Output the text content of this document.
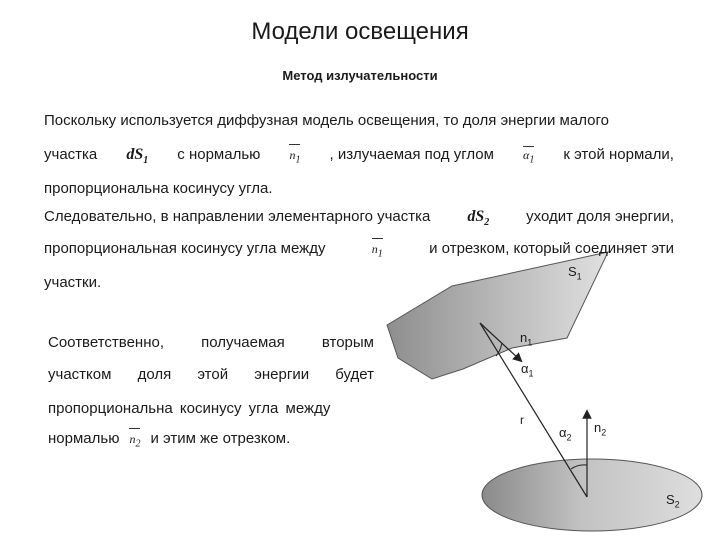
Модели освещения
Метод излучательности
Поскольку используется диффузная модель освещения, то доля энергии малого
участка $dS_1$ с нормалью $n_1$ , излучаемая под углом $\alpha_1$ к этой нормали,
пропорциональна косинусу угла.
Следовательно, в направлении элементарного участка $dS_2$ уходит доля энергии,
пропорциональная косинусу угла между	$n_1$	и отрезком, который соединяет эти
участки.
Соответственно, получаемая вторым
участком доля этой энергии будет
пропорциональна косинусу угла между
нормалью $n_2$ и этим же отрезком.
$S_1$
$n_1$
$\alpha_1$
r
$\alpha_2$
$n_2$
$S_2$
